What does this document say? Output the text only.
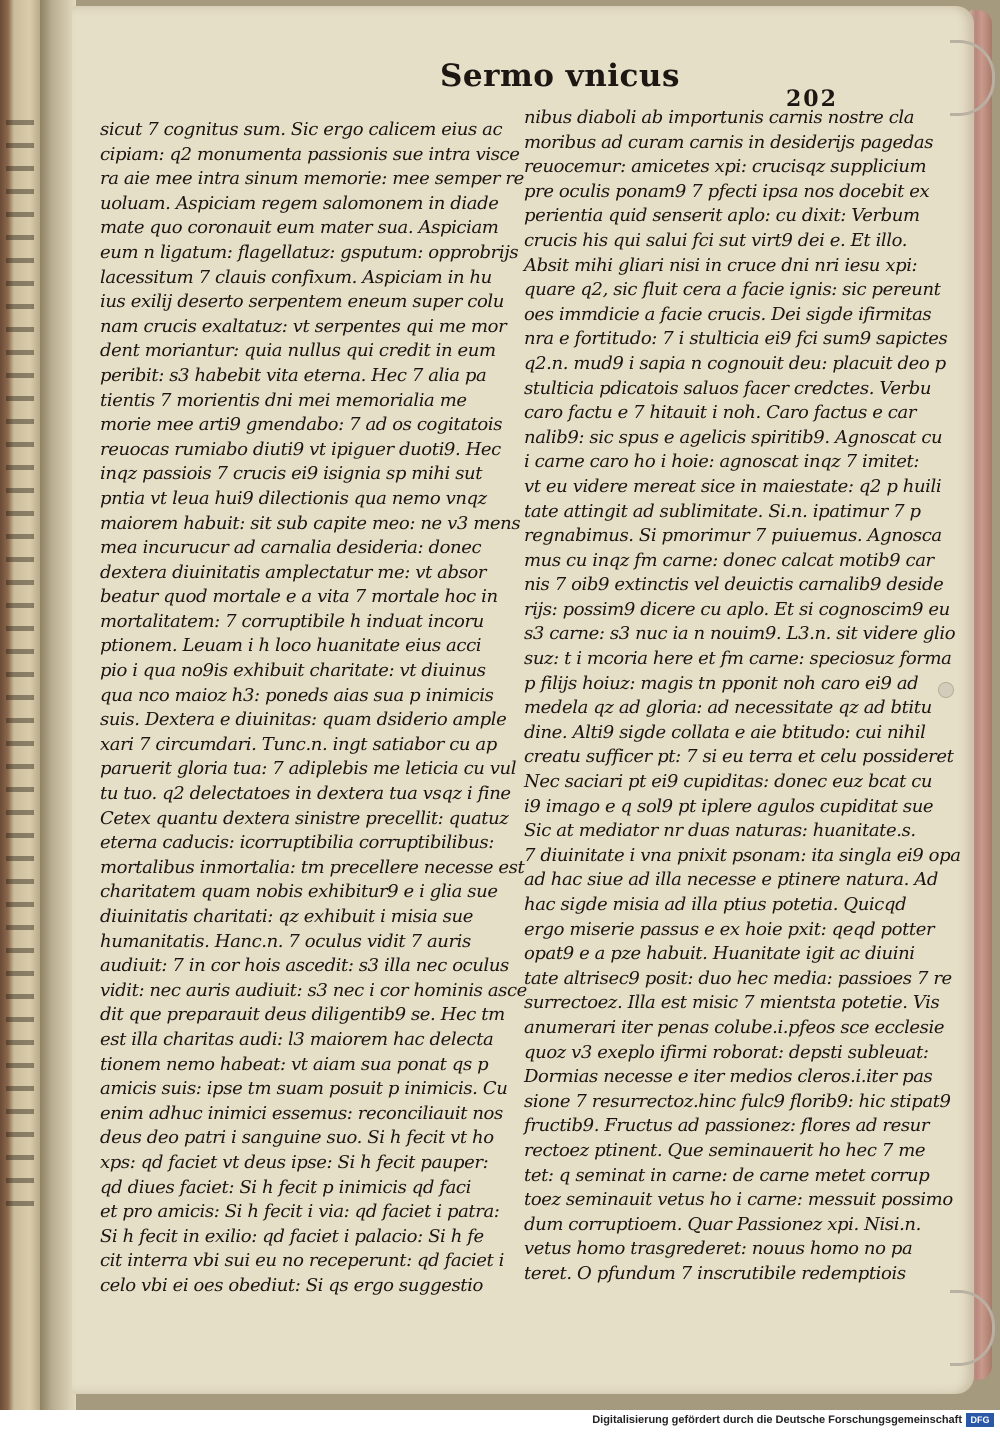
Sermo vnicus
202
sicut 7 cognitus sum. Sic ergo calicem eius ac
cipiam: q2 monumenta passionis sue intra visce
ra aie mee intra sinum memorie: mee semper re
uoluam. Aspiciam regem salomonem in diade
mate quo coronauit eum mater sua. Aspiciam
eum n ligatum: flagellatuz: gsputum: opprobrijs
lacessitum 7 clauis confixum. Aspiciam in hu
ius exilij deserto serpentem eneum super colu
nam crucis exaltatuz: vt serpentes qui me mor
dent moriantur: quia nullus qui credit in eum
peribit: s3 habebit vita eterna. Hec 7 alia pa
tientis 7 morientis dni mei memorialia me
morie mee arti9 gmendabo: 7 ad os cogitatois
reuocas rumiabo diuti9 vt ipiguer duoti9. Hec
inqz passiois 7 crucis ei9 isignia sp mihi sut
pntia vt leua hui9 dilectionis qua nemo vnqz
maiorem habuit: sit sub capite meo: ne v3 mens
mea incurucur ad carnalia desideria: donec
dextera diuinitatis amplectatur me: vt absor
beatur quod mortale e a vita 7 mortale hoc in
mortalitatem: 7 corruptibile h induat incoru
ptionem. Leuam i h loco huanitate eius acci
pio i qua no9is exhibuit charitate: vt diuinus
qua nco maioz h3: poneds aias sua p inimicis
suis. Dextera e diuinitas: quam dsiderio ample
xari 7 circumdari. Tunc.n. ingt satiabor cu ap
paruerit gloria tua: 7 adiplebis me leticia cu vul
tu tuo. q2 delectatoes in dextera tua vsqz i fine
Cetex quantu dextera sinistre precellit: quatuz
eterna caducis: icorruptibilia corruptibilibus:
mortalibus inmortalia: tm precellere necesse est
charitatem quam nobis exhibitur9 e i glia sue
diuinitatis charitati: qz exhibuit i misia sue
humanitatis. Hanc.n. 7 oculus vidit 7 auris
audiuit: 7 in cor hois ascedit: s3 illa nec oculus
vidit: nec auris audiuit: s3 nec i cor hominis asce
dit que preparauit deus diligentib9 se. Hec tm
est illa charitas audi: l3 maiorem hac delecta
tionem nemo habeat: vt aiam sua ponat qs p
amicis suis: ipse tm suam posuit p inimicis. Cu
enim adhuc inimici essemus: reconciliauit nos
deus deo patri i sanguine suo. Si h fecit vt ho
xps: qd faciet vt deus ipse: Si h fecit pauper:
qd diues faciet: Si h fecit p inimicis qd faci
et pro amicis: Si h fecit i via: qd faciet i patra:
Si h fecit in exilio: qd faciet i palacio: Si h fe
cit interra vbi sui eu no receperunt: qd faciet i
celo vbi ei oes obediut: Si qs ergo suggestio
nibus diaboli ab importunis carnis nostre cla
moribus ad curam carnis in desiderijs pagedas
reuocemur: amicetes xpi: crucisqz supplicium
pre oculis ponam9 7 pfecti ipsa nos docebit ex
perientia quid senserit aplo: cu dixit: Verbum
crucis his qui salui fci sut virt9 dei e. Et illo.
Absit mihi gliari nisi in cruce dni nri iesu xpi:
quare q2, sic fluit cera a facie ignis: sic pereunt
oes immdicie a facie crucis. Dei sigde ifirmitas
nra e fortitudo: 7 i stulticia ei9 fci sum9 sapictes
q2.n. mud9 i sapia n cognouit deu: placuit deo p
stulticia pdicatois saluos facer credctes. Verbu
caro factu e 7 hitauit i noh. Caro factus e car
nalib9: sic spus e agelicis spiritib9. Agnoscat cu
i carne caro ho i hoie: agnoscat inqz 7 imitet:
vt eu videre mereat sice in maiestate: q2 p huili
tate attingit ad sublimitate. Si.n. ipatimur 7 p
regnabimus. Si pmorimur 7 puiuemus. Agnosca
mus cu inqz fm carne: donec calcat motib9 car
nis 7 oib9 extinctis vel deuictis carnalib9 deside
rijs: possim9 dicere cu aplo. Et si cognoscim9 eu
s3 carne: s3 nuc ia n nouim9. L3.n. sit videre glio
suz: t i mcoria here et fm carne: speciosuz forma
p filijs hoiuz: magis tn pponit noh caro ei9 ad
medela qz ad gloria: ad necessitate qz ad btitu
dine. Alti9 sigde collata e aie btitudo: cui nihil
creatu sufficer pt: 7 si eu terra et celu possideret
Nec saciari pt ei9 cupiditas: donec euz bcat cu
i9 imago e q sol9 pt iplere agulos cupiditat sue
Sic at mediator nr duas naturas: huanitate.s.
7 diuinitate i vna pnixit psonam: ita singla ei9 opa
ad hac siue ad illa necesse e ptinere natura. Ad
hac sigde misia ad illa ptius potetia. Quicqd
ergo miserie passus e ex hoie pxit: qeqd potter
opat9 e a pze habuit. Huanitate igit ac diuini
tate altrisec9 posit: duo hec media: passioes 7 re
surrectoez. Illa est misic 7 mientsta potetie. Vis
anumerari iter penas colube.i.pfeos sce ecclesie
quoz v3 exeplo ifirmi roborat: depsti subleuat:
Dormias necesse e iter medios cleros.i.iter pas
sione 7 resurrectoz.hinc fulc9 florib9: hic stipat9
fructib9. Fructus ad passionez: flores ad resur
rectoez ptinent. Que seminauerit ho hec 7 me
tet: q seminat in carne: de carne metet corrup
toez seminauit vetus ho i carne: messuit possimo
dum corruptioem. Quar Passionez xpi. Nisi.n.
vetus homo trasgrederet: nouus homo no pa
teret. O pfundum 7 inscrutibile redemptiois
Digitalisierung gefördert durch die Deutsche Forschungsgemeinschaft DFG
